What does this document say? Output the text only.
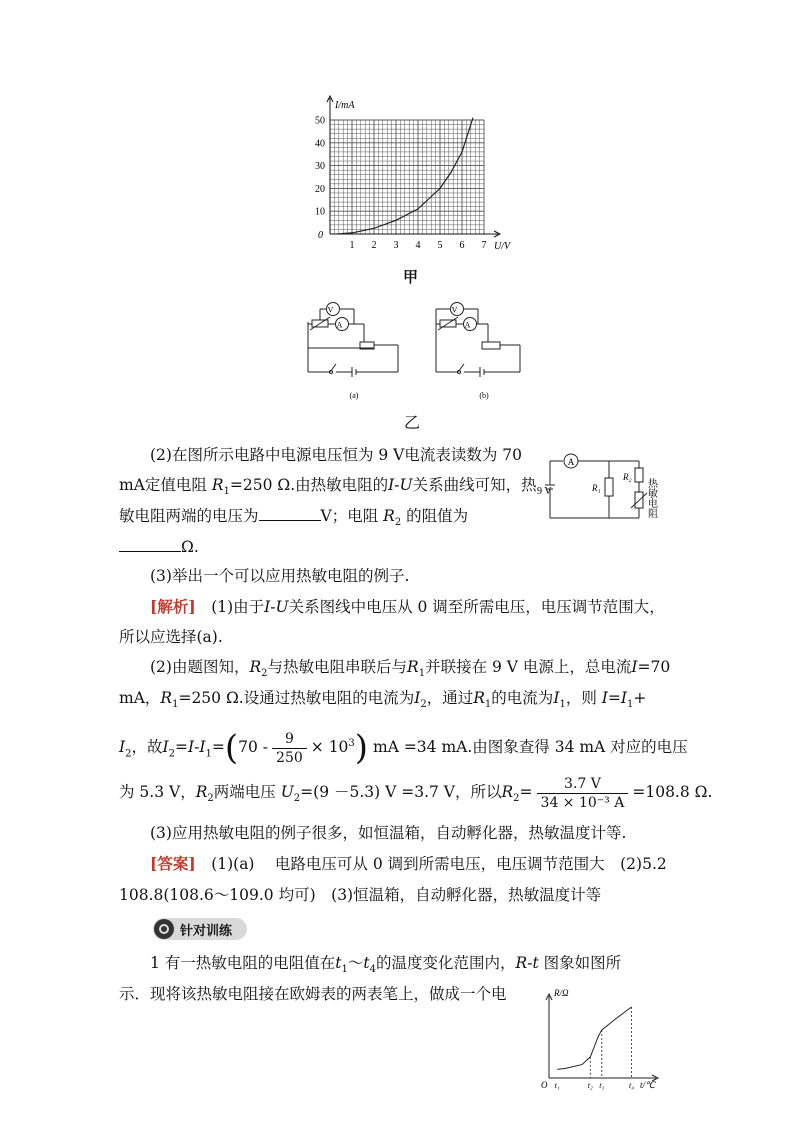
1 2 3 4 5 6 7
10
20
30
40
50
I/mA
U/V
0
甲
A
V
(a)
A
V
(b)
乙
A
9 V	R₁
R₂
热敏电阻
(2)在图所示电路中电源电压恒为 9 V电流表读数为 70
mA定值电阻 $R_1=250$ Ω.由热敏电阻的I-U关系曲线可知，热
敏电阻两端的电压为	V；电阻 $R_2$ 的阻值为
Ω.
(3)举出一个可以应用热敏电阻的例子.
[解析]　 (1)由于I-U关系图线中电压从 0 调至所需电压，电压调节范围大，
所以应选择(a).
(2)由题图知，$R_2$与热敏电阻串联后与$R_1$并联接在 9 V 电源上，总电流I=70
mA，$R_1=250$ Ω.设通过热敏电阻的电流为$I_2$，通过$R_1$的电流为$I_1$，则 $I=I_1+$
$I_2$，故$I_2=I-I_1=(70 - \frac{9}{250} \times 10^3)$ mA =34 mA.由图象查得 34 mA 对应的电压
为 5.3 V，$R_2$两端电压 $U_2=(9 -5.3)$ V =3.7 V，所以$R_2= \frac{3.7 V}{\text{34 × 10⁻³ A}} =108.8$ Ω.
(3)应用热敏电阻的例子很多，如恒温箱，自动孵化器，热敏温度计等.
[答案]　 (1)(a)　 电路电压可从 0 调到所需电压，电压调节范围大　(2)5.2
108.8(108.6～109.0 均可)　(3)恒温箱，自动孵化器，热敏温度计等
针对训练
1 有一热敏电阻的电阻值在$t_1\sim t_4$的温度变化范围内，R-t 图象如图所
示．现将该热敏电阻接在欧姆表的两表笔上，做成一个电
t₁	t₂ t₃	t₄
R/Ω
t/℃
O
